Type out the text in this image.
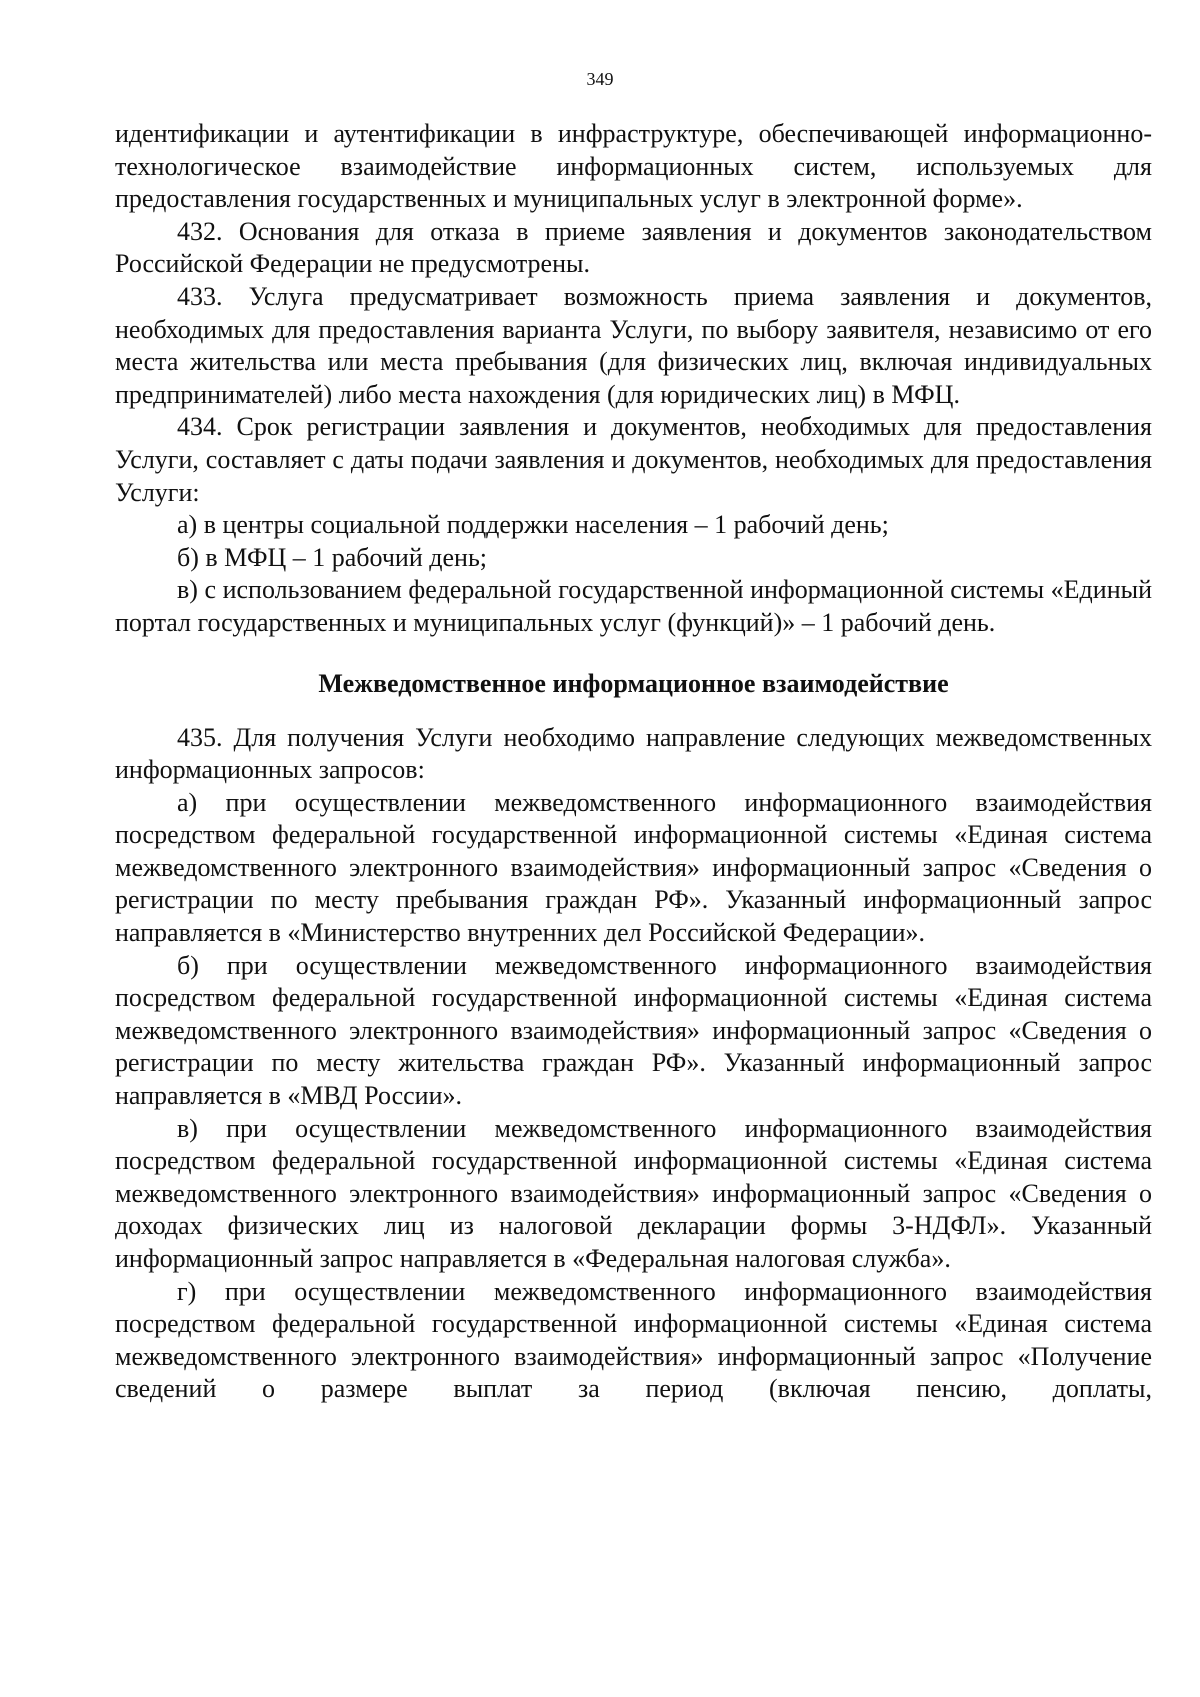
349

идентификации и аутентификации в инфраструктуре, обеспечивающей информационно-технологическое взаимодействие информационных систем, используемых для предоставления государственных и муниципальных услуг в электронной форме».

432. Основания для отказа в приеме заявления и документов законодательством Российской Федерации не предусмотрены.

433. Услуга предусматривает возможность приема заявления и документов, необходимых для предоставления варианта Услуги, по выбору заявителя, независимо от его места жительства или места пребывания (для физических лиц, включая индивидуальных предпринимателей) либо места нахождения (для юридических лиц) в МФЦ.

434. Срок регистрации заявления и документов, необходимых для предоставления Услуги, составляет с даты подачи заявления и документов, необходимых для предоставления Услуги:

а) в центры социальной поддержки населения – 1 рабочий день;

б) в МФЦ – 1 рабочий день;

в) с использованием федеральной государственной информационной системы «Единый портал государственных и муниципальных услуг (функций)» – 1 рабочий день.

Межведомственное информационное взаимодействие

435. Для получения Услуги необходимо направление следующих межведомственных информационных запросов:

а) при осуществлении межведомственного информационного взаимодействия посредством федеральной государственной информационной системы «Единая система межведомственного электронного взаимодействия» информационный запрос «Сведения о регистрации по месту пребывания граждан РФ». Указанный информационный запрос направляется в «Министерство внутренних дел Российской Федерации».

б) при осуществлении межведомственного информационного взаимодействия посредством федеральной государственной информационной системы «Единая система межведомственного электронного взаимодействия» информационный запрос «Сведения о регистрации по месту жительства граждан РФ». Указанный информационный запрос направляется в «МВД России».

в) при осуществлении межведомственного информационного взаимодействия посредством федеральной государственной информационной системы «Единая система межведомственного электронного взаимодействия» информационный запрос «Сведения о доходах физических лиц из налоговой декларации формы 3-НДФЛ». Указанный информационный запрос направляется в «Федеральная налоговая служба».

г) при осуществлении межведомственного информационного взаимодействия посредством федеральной государственной информационной системы «Единая система межведомственного электронного взаимодействия» информационный запрос «Получение сведений о размере выплат за период (включая пенсию, доплаты,
